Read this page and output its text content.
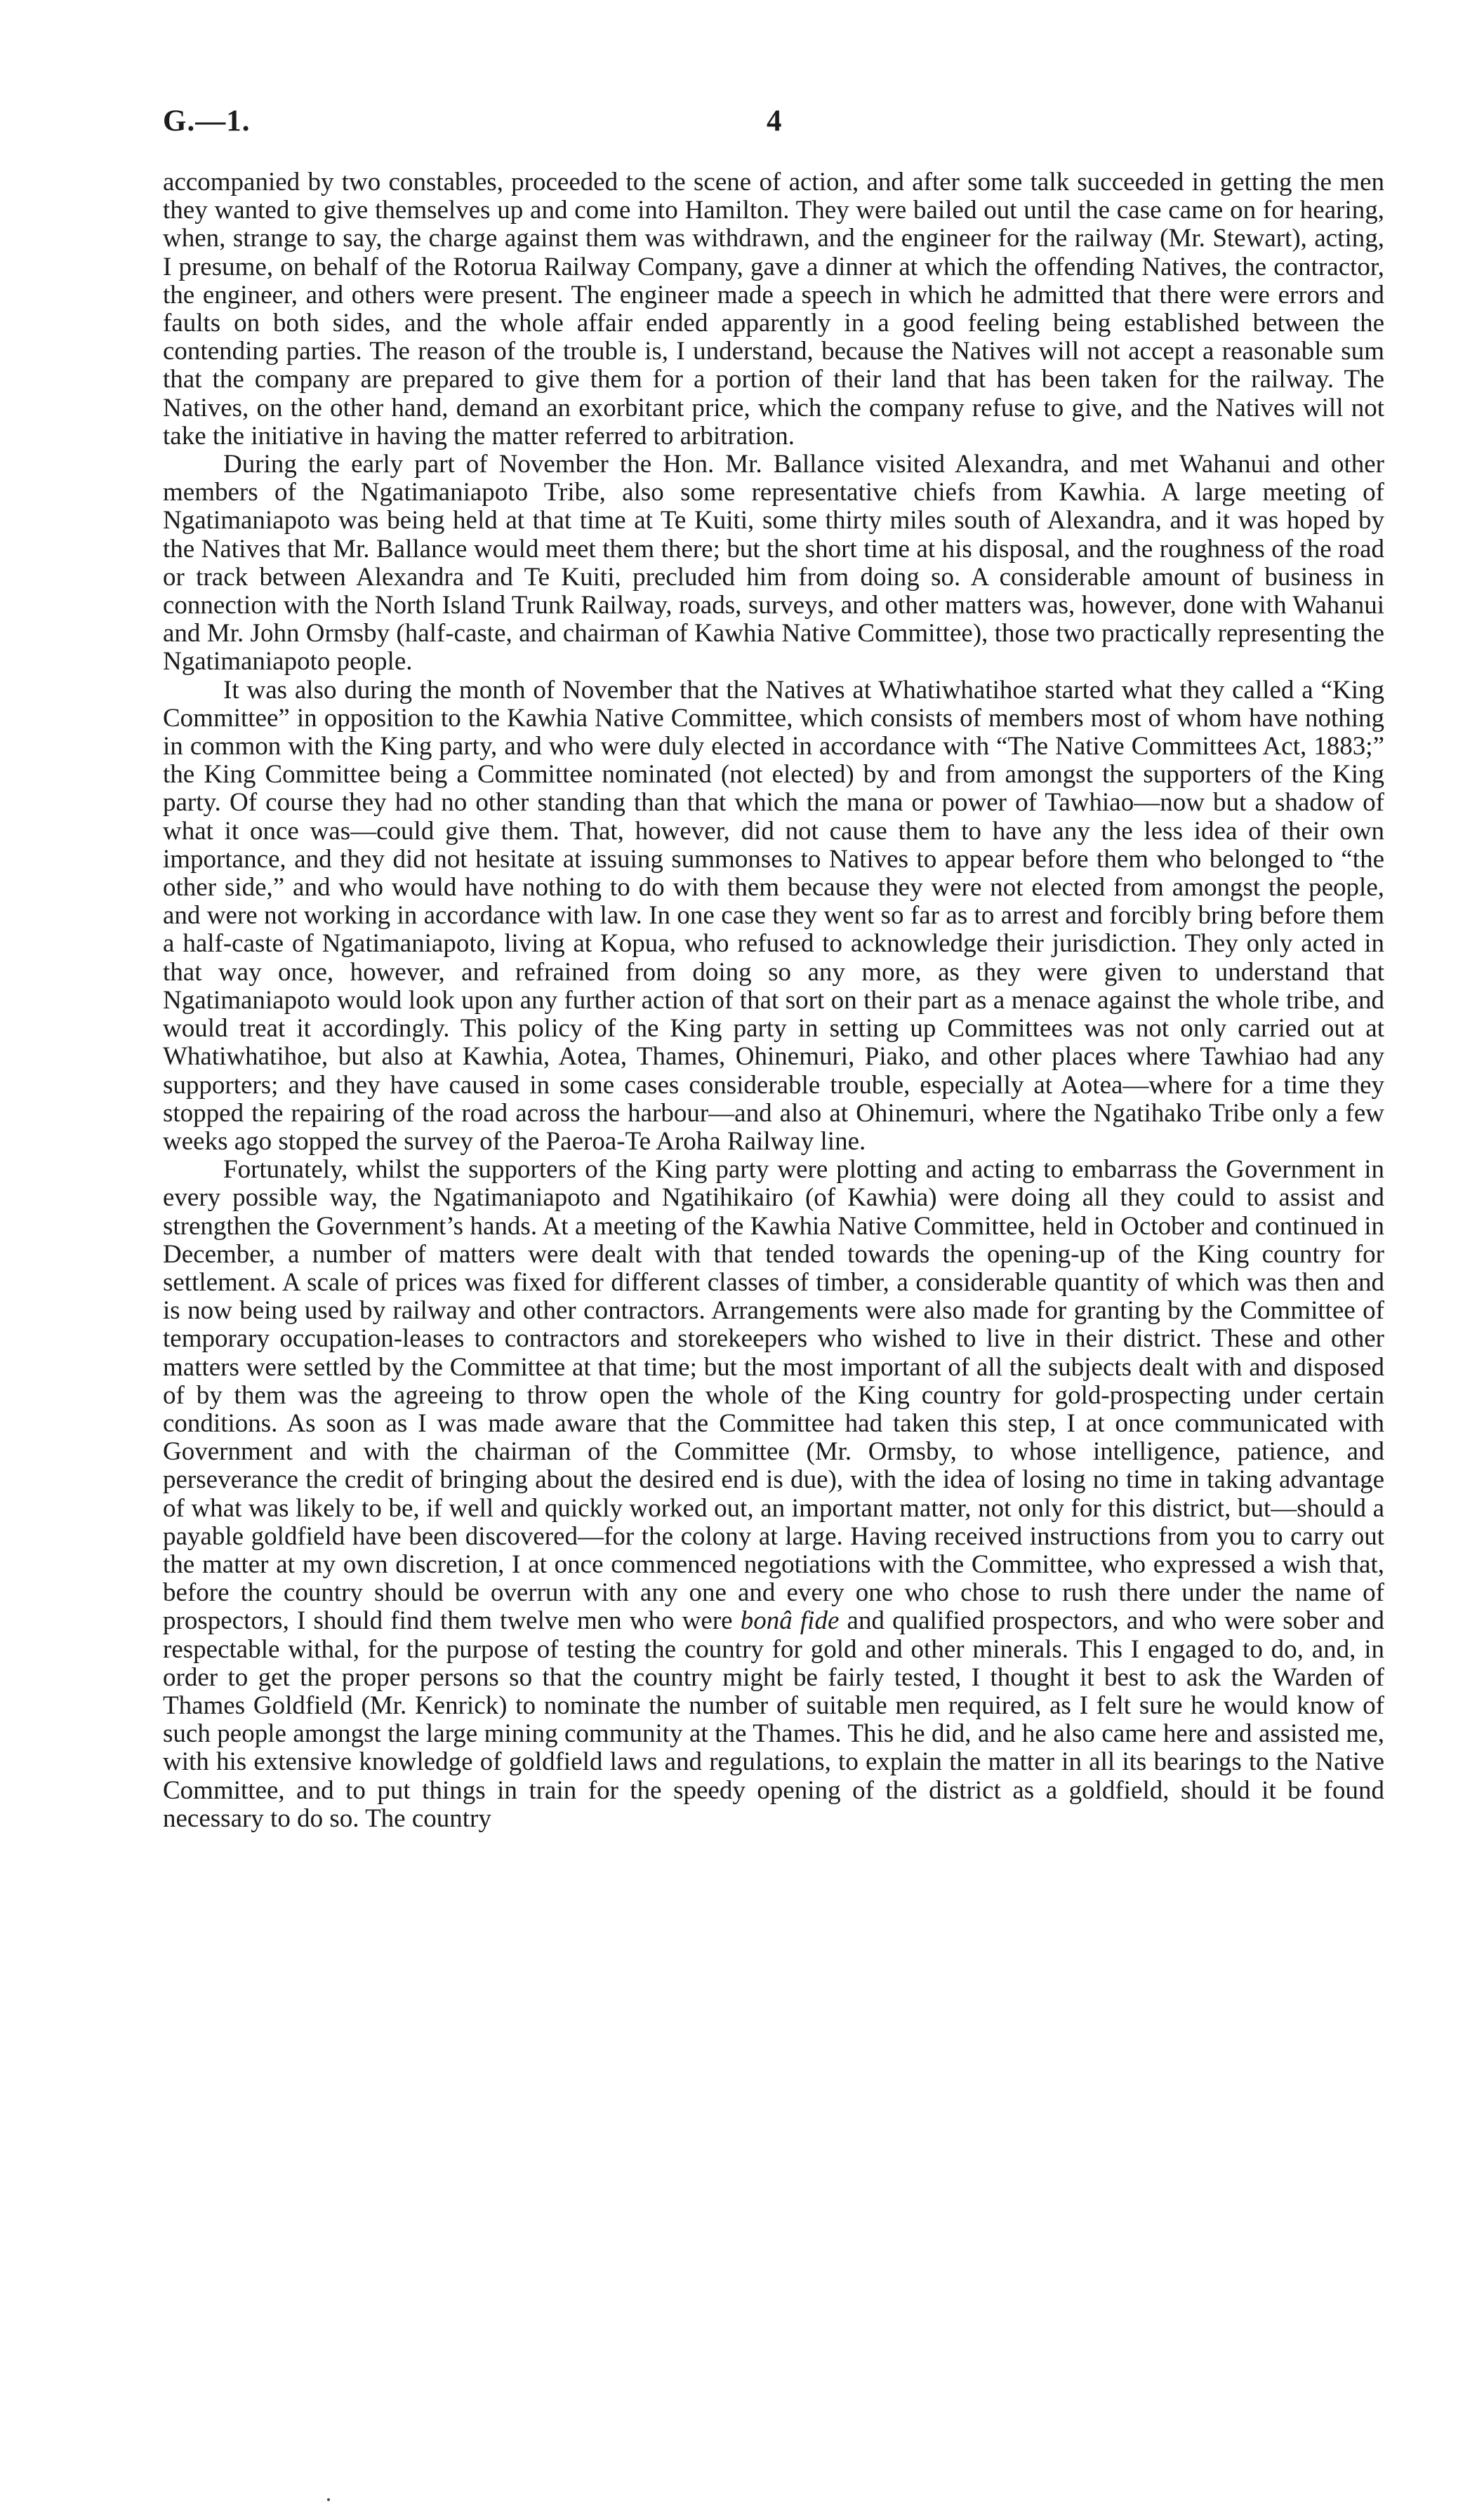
G.—1.	4

accompanied by two constables, proceeded to the scene of action, and after some talk succeeded in getting the men they wanted to give themselves up and come into Hamilton. They were bailed out until the case came on for hearing, when, strange to say, the charge against them was withdrawn, and the engineer for the railway (Mr. Stewart), acting, I presume, on behalf of the Rotorua Railway Company, gave a dinner at which the offending Natives, the contractor, the engineer, and others were present. The engineer made a speech in which he admitted that there were errors and faults on both sides, and the whole affair ended apparently in a good feeling being established between the contending parties. The reason of the trouble is, I understand, because the Natives will not accept a reasonable sum that the company are prepared to give them for a portion of their land that has been taken for the railway. The Natives, on the other hand, demand an exorbitant price, which the company refuse to give, and the Natives will not take the initiative in having the matter referred to arbitration.

During the early part of November the Hon. Mr. Ballance visited Alexandra, and met Wahanui and other members of the Ngatimaniapoto Tribe, also some representative chiefs from Kawhia. A large meeting of Ngatimaniapoto was being held at that time at Te Kuiti, some thirty miles south of Alexandra, and it was hoped by the Natives that Mr. Ballance would meet them there; but the short time at his disposal, and the roughness of the road or track between Alexandra and Te Kuiti, precluded him from doing so. A considerable amount of business in connection with the North Island Trunk Railway, roads, surveys, and other matters was, however, done with Wahanui and Mr. John Ormsby (half-caste, and chairman of Kawhia Native Committee), those two practically representing the Ngatimaniapoto people.

It was also during the month of November that the Natives at Whatiwhatihoe started what they called a “King Committee” in opposition to the Kawhia Native Committee, which consists of members most of whom have nothing in common with the King party, and who were duly elected in accordance with “The Native Committees Act, 1883;” the King Committee being a Committee nominated (not elected) by and from amongst the supporters of the King party. Of course they had no other standing than that which the mana or power of Tawhiao—now but a shadow of what it once was—could give them. That, however, did not cause them to have any the less idea of their own importance, and they did not hesitate at issuing summonses to Natives to appear before them who belonged to “the other side,” and who would have nothing to do with them because they were not elected from amongst the people, and were not working in accordance with law. In one case they went so far as to arrest and forcibly bring before them a half-caste of Ngatimaniapoto, living at Kopua, who refused to acknowledge their jurisdiction. They only acted in that way once, however, and refrained from doing so any more, as they were given to understand that Ngatimaniapoto would look upon any further action of that sort on their part as a menace against the whole tribe, and would treat it accordingly. This policy of the King party in setting up Committees was not only carried out at Whatiwhatihoe, but also at Kawhia, Aotea, Thames, Ohinemuri, Piako, and other places where Tawhiao had any supporters; and they have caused in some cases considerable trouble, especially at Aotea—where for a time they stopped the repairing of the road across the harbour—and also at Ohinemuri, where the Ngatihako Tribe only a few weeks ago stopped the survey of the Paeroa-Te Aroha Railway line.

Fortunately, whilst the supporters of the King party were plotting and acting to embarrass the Government in every possible way, the Ngatimaniapoto and Ngatihikairo (of Kawhia) were doing all they could to assist and strengthen the Government’s hands. At a meeting of the Kawhia Native Committee, held in October and continued in December, a number of matters were dealt with that tended towards the opening-up of the King country for settlement. A scale of prices was fixed for different classes of timber, a considerable quantity of which was then and is now being used by railway and other contractors. Arrangements were also made for granting by the Committee of temporary occupation-leases to contractors and storekeepers who wished to live in their district. These and other matters were settled by the Committee at that time; but the most important of all the subjects dealt with and disposed of by them was the agreeing to throw open the whole of the King country for gold-prospecting under certain conditions. As soon as I was made aware that the Committee had taken this step, I at once communicated with Government and with the chairman of the Committee (Mr. Ormsby, to whose intelligence, patience, and perseverance the credit of bringing about the desired end is due), with the idea of losing no time in taking advantage of what was likely to be, if well and quickly worked out, an important matter, not only for this district, but—should a payable goldfield have been discovered—for the colony at large. Having received instructions from you to carry out the matter at my own discretion, I at once commenced negotiations with the Committee, who expressed a wish that, before the country should be overrun with any one and every one who chose to rush there under the name of prospectors, I should find them twelve men who were bonâ fide and qualified prospectors, and who were sober and respectable withal, for the purpose of testing the country for gold and other minerals. This I engaged to do, and, in order to get the proper persons so that the country might be fairly tested, I thought it best to ask the Warden of Thames Goldfield (Mr. Kenrick) to nominate the number of suitable men required, as I felt sure he would know of such people amongst the large mining community at the Thames. This he did, and he also came here and assisted me, with his extensive knowledge of goldfield laws and regulations, to explain the matter in all its bearings to the Native Committee, and to put things in train for the speedy opening of the district as a goldfield, should it be found necessary to do so. The country
